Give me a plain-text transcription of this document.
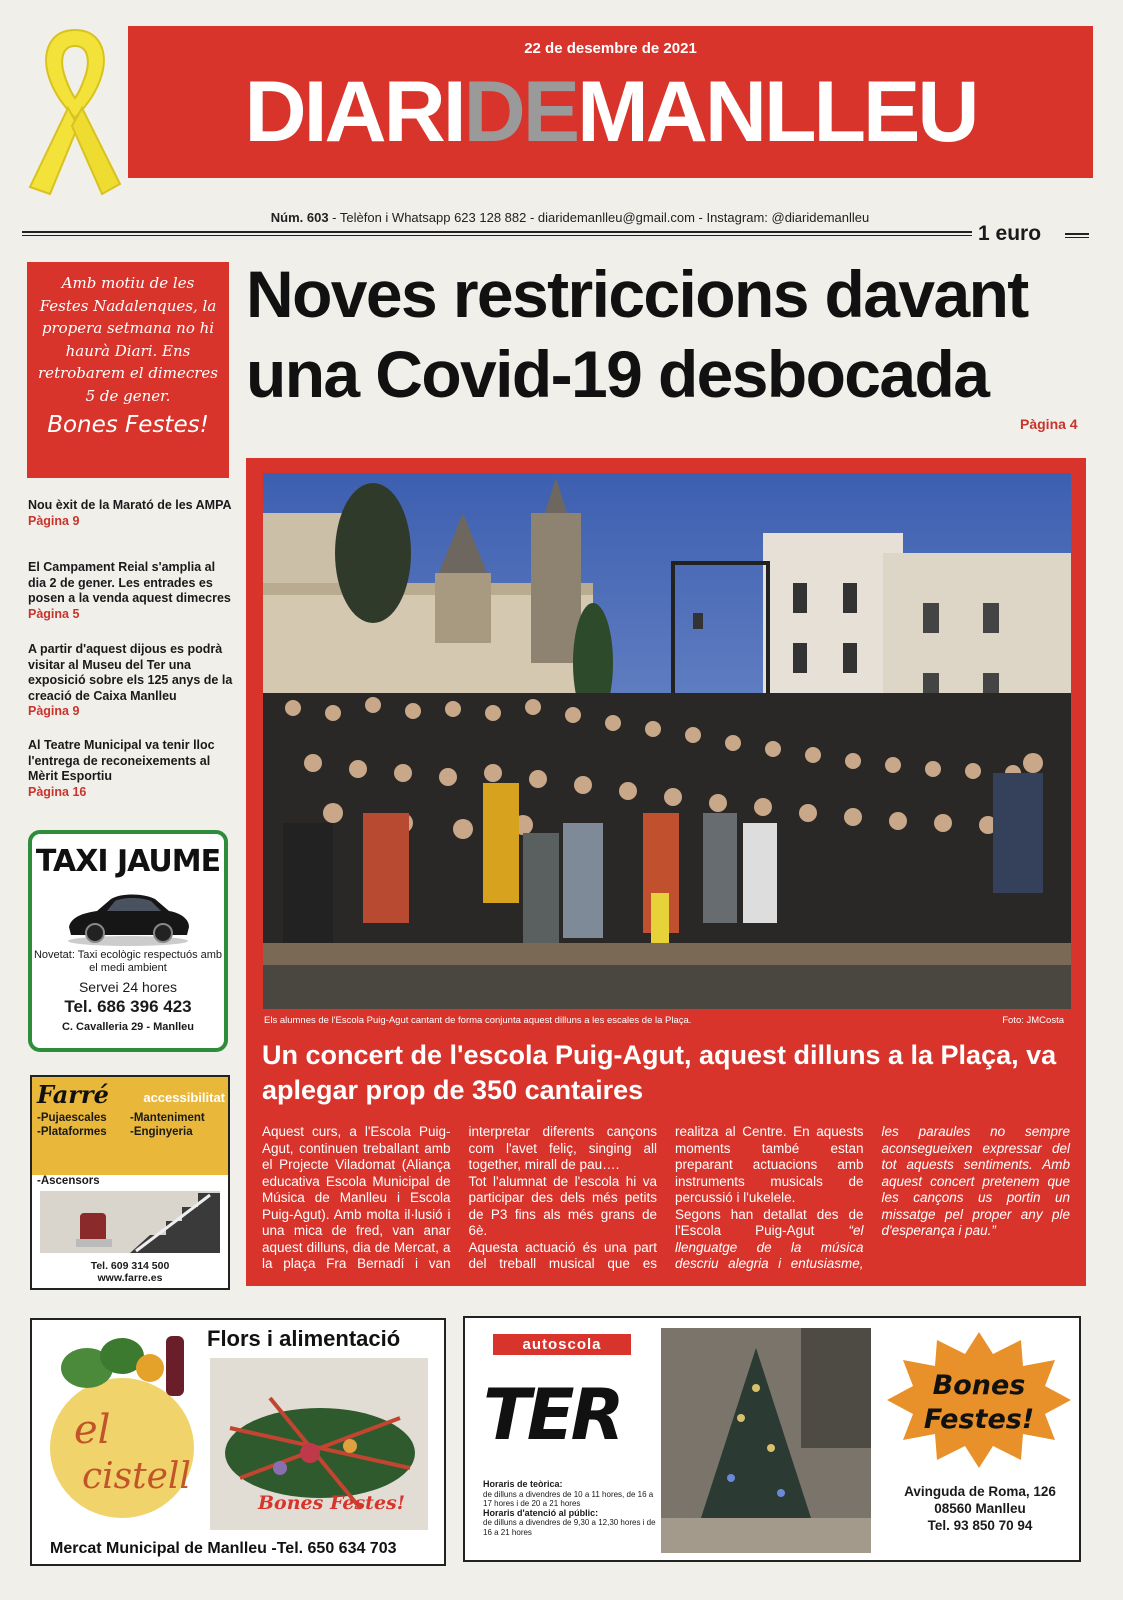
22 de desembre de 2021
DIARIDEMANLLEU
Núm. 603 - Telèfon i Whatsapp 623 128 882 - diaridemanlleu@gmail.com - Instagram: @diaridemanlleu
1 euro

Amb motiu de les Festes Nadalenques, la propera setmana no hi haurà Diari. Ens retrobarem el dimecres 5 de gener.

Bones Festes!

Nou èxit de la Marató de les AMPA
Pàgina 9
El Campament Reial s'amplia al dia 2 de gener. Les entrades es posen a la venda aquest dimecres
Pàgina 5
A partir d'aquest dijous es podrà visitar al Museu del Ter una exposició sobre els 125 anys de la creació de Caixa Manlleu
Pàgina 9
Al Teatre Municipal va tenir lloc l'entrega de reconeixements al Mèrit Esportiu
Pàgina 16
TAXI JAUME
Novetat: Taxi ecològic respectuós amb el medi ambient
Servei 24 hores
Tel. 686 396 423
C. Cavalleria 29 - Manlleu
Farré	accessibilitat
-Pujaescales	-Manteniment
-Plataformes	-Enginyeria
-Ascensors
Tel. 609 314 500
www.farre.es
Noves restriccions davant
una Covid-19 desbocada
Pàgina 4
Els alumnes de l'Escola Puig-Agut cantant de forma conjunta aquest dilluns a les escales de la Plaça.	Foto: JMCosta
Un concert de l'escola Puig-Agut, aquest dilluns a la Plaça, va aplegar prop de 350 cantaires

Aquest curs, a l'Escola Puig-Agut, continuen treballant amb el Projecte Viladomat (Aliança educativa Escola Municipal de Música de Manlleu i Escola Puig-Agut). Amb molta il·lusió i una mica de fred, van anar aquest dilluns, dia de Mercat, a la plaça Fra Bernadí i van interpretar diferents cançons com l'avet feliç, singing all together, mirall de pau….

Tot l'alumnat de l'escola hi va participar des dels més petits de P3 fins als més grans de 6è.

Aquesta actuació és una part del treball musical que es realitza al Centre. En aquests moments també estan preparant actuacions amb instruments musicals de percussió i l'ukelele.

Segons han detallat des de l'Escola Puig-Agut “el llenguatge de la música descriu alegria i entusiasme, les paraules no sempre aconsegueixen expressar del tot aquests sentiments. Amb aquest concert pretenem que les cançons us portin un missatge pel proper any ple d'esperança i pau.”

el
cistell
Flors i alimentació
Bones Festes!
Mercat Municipal de Manlleu -Tel. 650 634 703
autoscola
TER
Horaris de teòrica:
de dilluns a divendres de 10 a 11 hores, de 16 a 17 hores i de 20 a 21 hores
Horaris d'atenció al públic:
de dilluns a divendres de 9,30 a 12,30 hores i de 16 a 21 hores
Bones
Festes!
Avinguda de Roma, 126
08560 Manlleu
Tel. 93 850 70 94
